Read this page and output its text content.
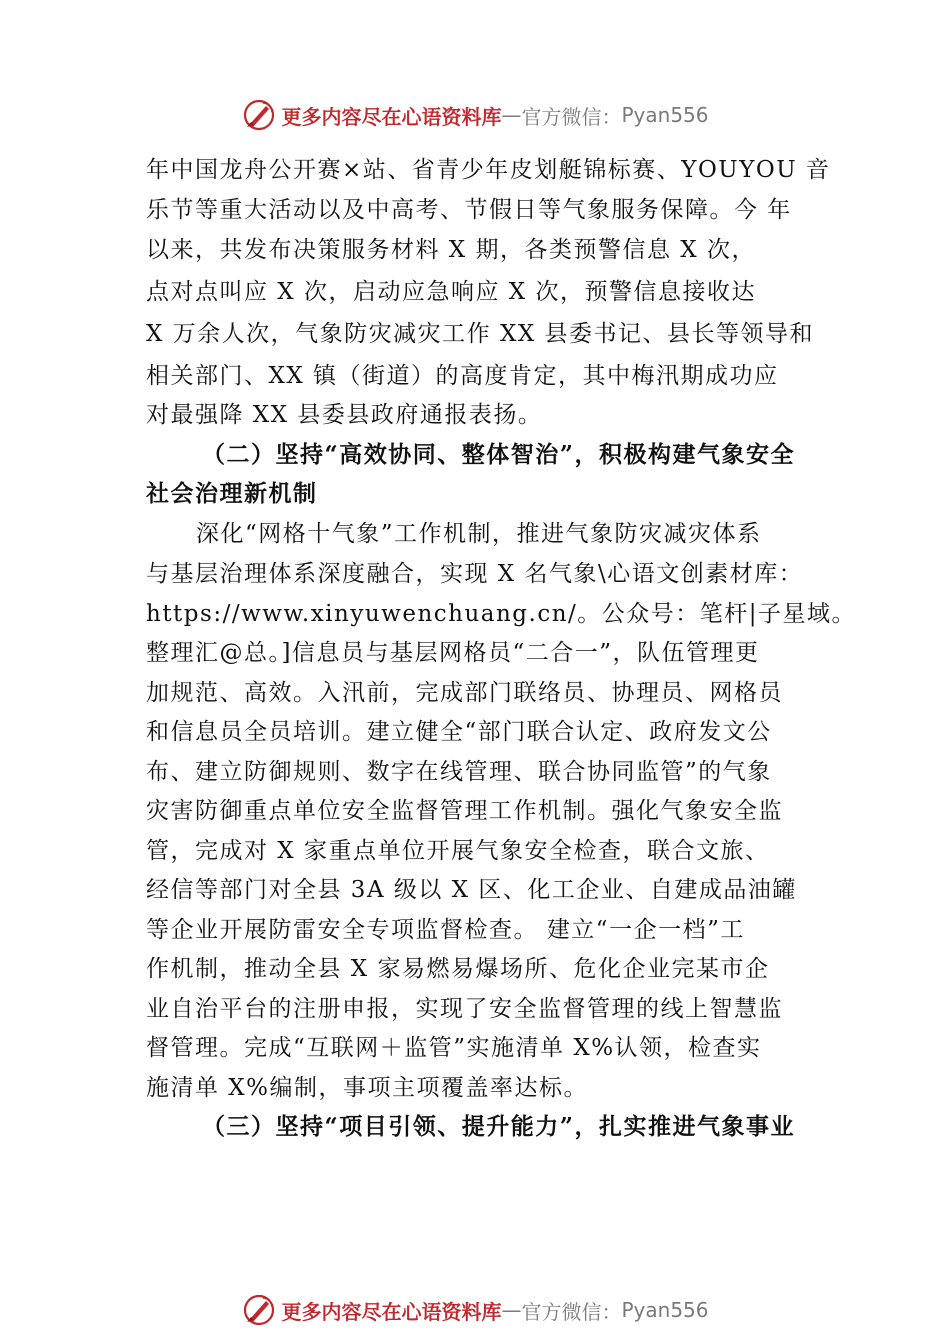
更多内容尽在心语资料库 — 官方微信： Pyan556
年中国龙舟公开赛×站、省青少年皮划艇锦标赛、YOUYOU 音
乐节等重大活动以及中高考、节假日等气象服务保障。今 年
以来，共发布决策服务材料 X 期，各类预警信息 X 次，
点对点叫应 X 次，启动应急响应 X 次，预警信息接收达
X 万余人次，气象防灾减灾工作 XX 县委书记、县长等领导和
相关部门、XX 镇（街道）的高度肯定，其中梅汛期成功应
对最强降 XX 县委县政府通报表扬。
（二）坚持“高效协同、整体智治”，积极构建气象安全
社会治理新机制
深化“网格十气象”工作机制，推进气象防灾减灾体系
与基层治理体系深度融合，实现 X 名气象\心语文创素材库：
https://www.xinyuwenchuang.cn/。公众号：笔杆|子星域。
整理汇@总。]信息员与基层网格员“二合一”，队伍管理更
加规范、高效。入汛前，完成部门联络员、协理员、网格员
和信息员全员培训。建立健全“部门联合认定、政府发文公
布、建立防御规则、数字在线管理、联合协同监管”的气象
灾害防御重点单位安全监督管理工作机制。强化气象安全监
管，完成对 X 家重点单位开展气象安全检查，联合文旅、
经信等部门对全县 3A 级以 X 区、化工企业、自建成品油罐
等企业开展防雷安全专项监督检查。 建立“一企一档”工
作机制，推动全县 X 家易燃易爆场所、危化企业完某市企
业自治平台的注册申报，实现了安全监督管理的线上智慧监
督管理。完成“互联网＋监管”实施清单 X%认领，检查实
施清单 X%编制，事项主项覆盖率达标。
（三）坚持“项目引领、提升能力”，扎实推进气象事业
更多内容尽在心语资料库 — 官方微信： Pyan556
